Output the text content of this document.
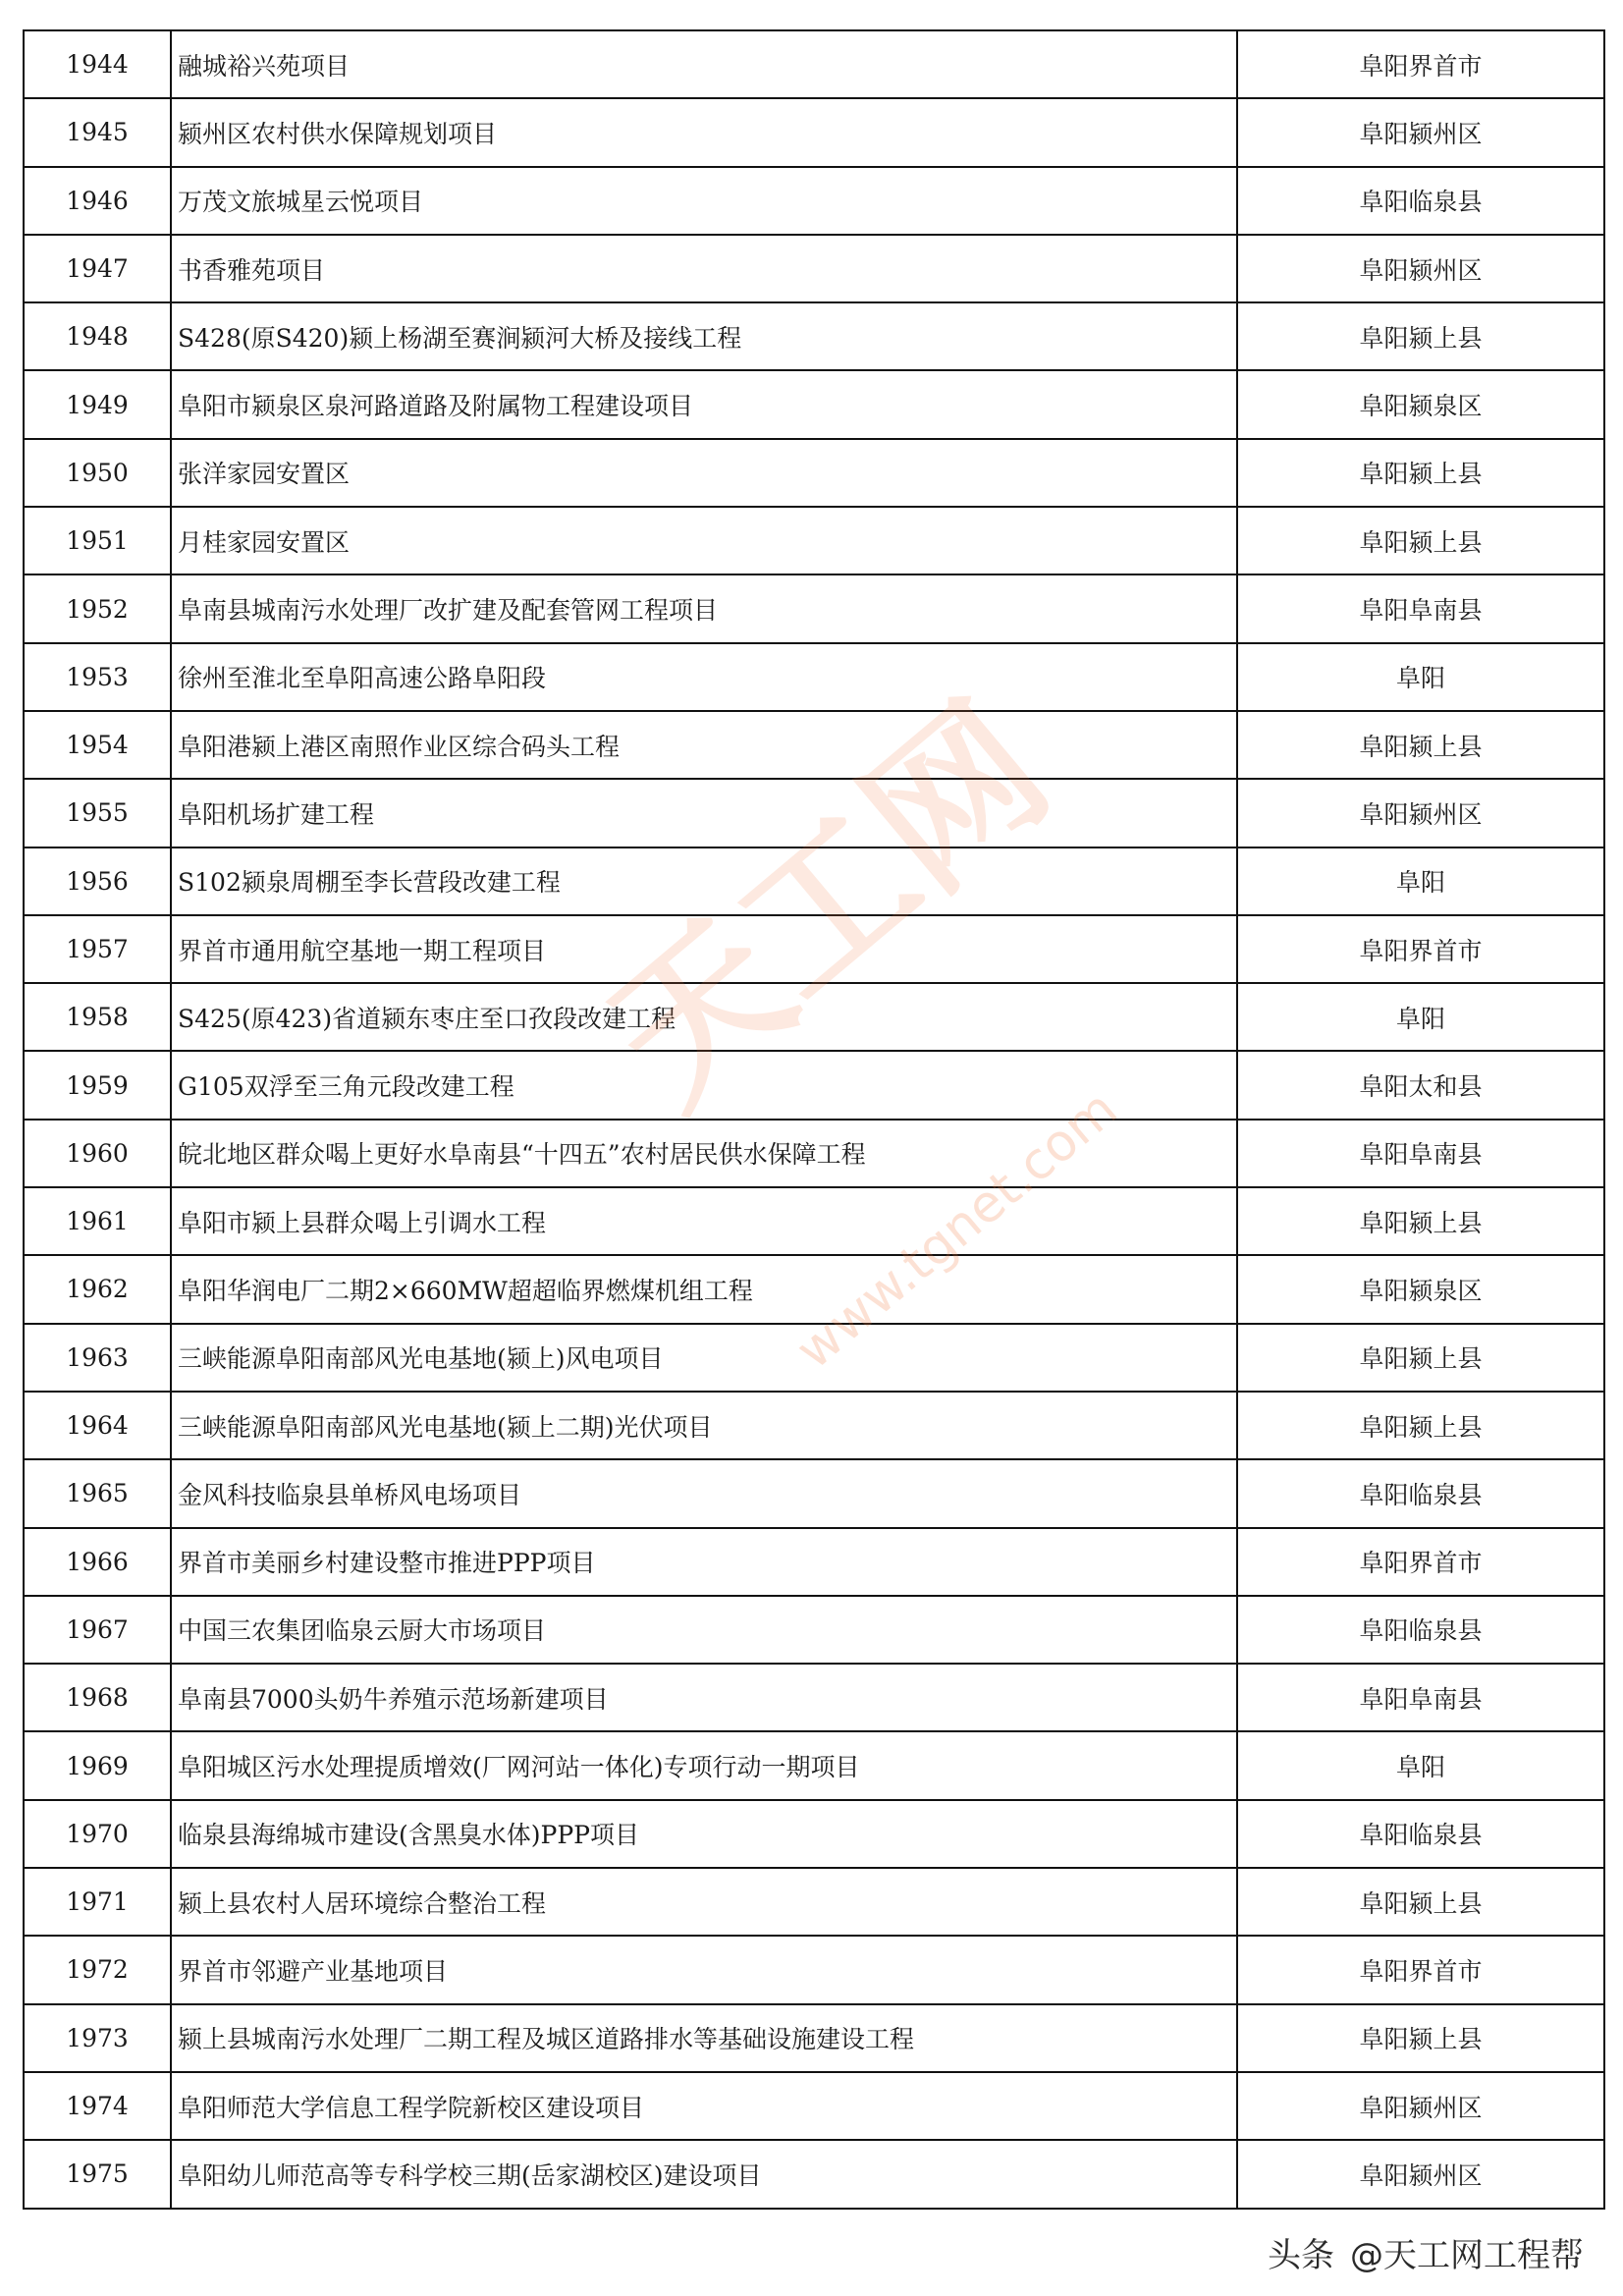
1944	融城裕兴苑项目	阜阳界首市
1945	颍州区农村供水保障规划项目	阜阳颍州区
1946	万茂文旅城星云悦项目	阜阳临泉县
1947	书香雅苑项目	阜阳颍州区
1948	S428(原S420)颍上杨湖至赛涧颍河大桥及接线工程	阜阳颍上县
1949	阜阳市颍泉区泉河路道路及附属物工程建设项目	阜阳颍泉区
1950	张洋家园安置区	阜阳颍上县
1951	月桂家园安置区	阜阳颍上县
1952	阜南县城南污水处理厂改扩建及配套管网工程项目	阜阳阜南县
1953	徐州至淮北至阜阳高速公路阜阳段	阜阳
1954	阜阳港颍上港区南照作业区综合码头工程	阜阳颍上县
1955	阜阳机场扩建工程	阜阳颍州区
1956	S102颍泉周棚至李长营段改建工程	阜阳
1957	界首市通用航空基地一期工程项目	阜阳界首市
1958	S425(原423)省道颍东枣庄至口孜段改建工程	阜阳
1959	G105双浮至三角元段改建工程	阜阳太和县
1960	皖北地区群众喝上更好水阜南县“十四五”农村居民供水保障工程	阜阳阜南县
1961	阜阳市颍上县群众喝上引调水工程	阜阳颍上县
1962	阜阳华润电厂二期2×660MW超超临界燃煤机组工程	阜阳颍泉区
1963	三峡能源阜阳南部风光电基地(颍上)风电项目	阜阳颍上县
1964	三峡能源阜阳南部风光电基地(颍上二期)光伏项目	阜阳颍上县
1965	金风科技临泉县单桥风电场项目	阜阳临泉县
1966	界首市美丽乡村建设整市推进PPP项目	阜阳界首市
1967	中国三农集团临泉云厨大市场项目	阜阳临泉县
1968	阜南县7000头奶牛养殖示范场新建项目	阜阳阜南县
1969	阜阳城区污水处理提质增效(厂网河站一体化)专项行动一期项目	阜阳
1970	临泉县海绵城市建设(含黑臭水体)PPP项目	阜阳临泉县
1971	颍上县农村人居环境综合整治工程	阜阳颍上县
1972	界首市邻避产业基地项目	阜阳界首市
1973	颍上县城南污水处理厂二期工程及城区道路排水等基础设施建设工程	阜阳颍上县
1974	阜阳师范大学信息工程学院新校区建设项目	阜阳颍州区
1975	阜阳幼儿师范高等专科学校三期(岳家湖校区)建设项目	阜阳颍州区
天工网
www.tgnet.com
头条 @天工网工程帮
